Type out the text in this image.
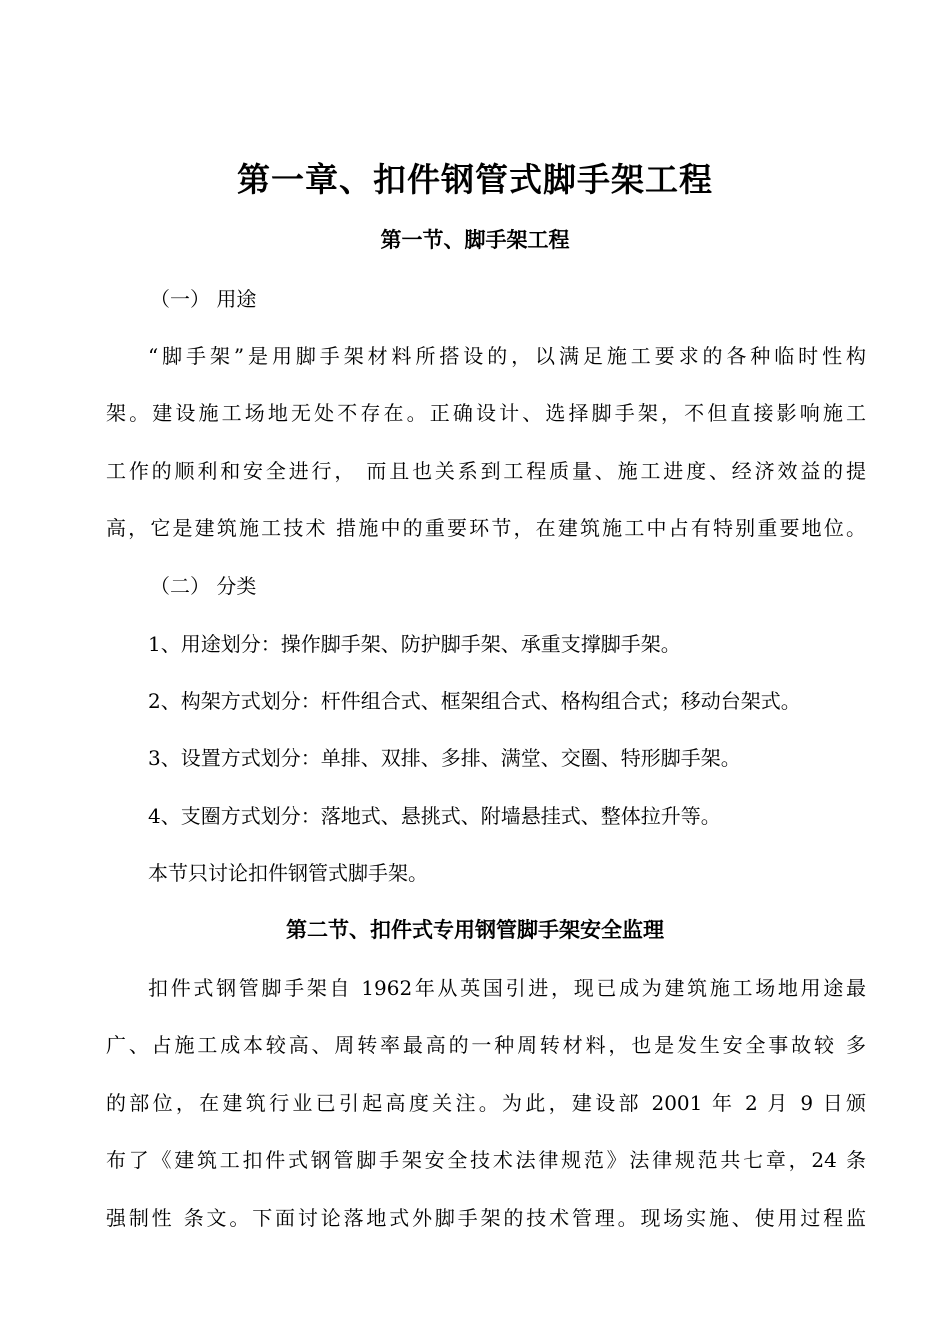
第一章、扣件钢管式脚手架工程
第一节、脚手架工程

（一） 用途

“脚手架”是用脚手架材料所搭设的，以满足施工要求的各种临时性构

架。建设施工场地无处不存在。正确设计、选择脚手架，不但直接影响施工

工作的顺利和安全进行， 而且也关系到工程质量、施工进度、经济效益的提

高，它是建筑施工技术 措施中的重要环节，在建筑施工中占有特别重要地位。

（二） 分类

1、用途划分：操作脚手架、防护脚手架、承重支撑脚手架。

2、构架方式划分：杆件组合式、框架组合式、格构组合式；移动台架式。

3、设置方式划分：单排、双排、多排、满堂、交圈、特形脚手架。

4、支圈方式划分：落地式、悬挑式、附墙悬挂式、整体拉升等。

本节只讨论扣件钢管式脚手架。

第二节、扣件式专用钢管脚手架安全监理

扣件式钢管脚手架自 1962年从英国引进，现已成为建筑施工场地用途最

广、占施工成本较高、周转率最高的一种周转材料，也是发生安全事故较 多

的部位，在建筑行业已引起高度关注。为此，建设部 2001 年 2 月 9 日颁

布了《建筑工扣件式钢管脚手架安全技术法律规范》法律规范共七章，24 条

强制性 条文。下面讨论落地式外脚手架的技术管理。现场实施、使用过程监
